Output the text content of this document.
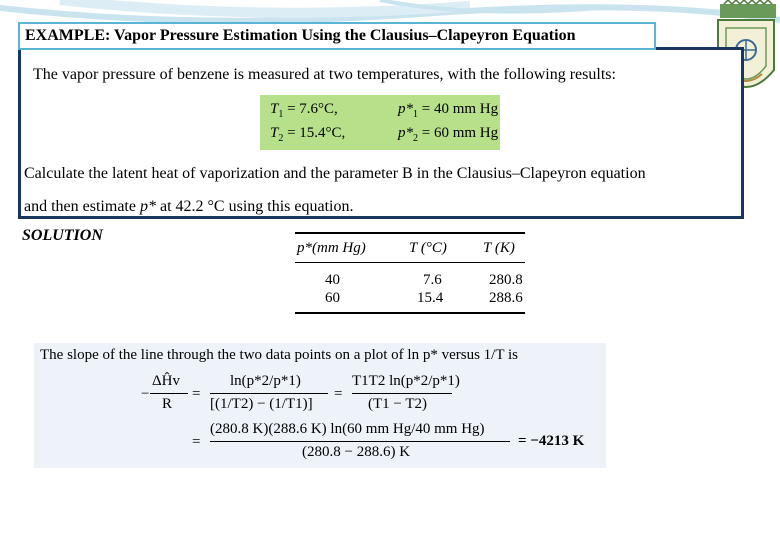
EXAMPLE: Vapor Pressure Estimation Using the Clausius–Clapeyron Equation
The vapor pressure of benzene is measured at two temperatures, with the following results:
$T_1 = 7.6^\circ C$,	$p*_1 = 40$ mm Hg
$T_2 = 15.4^\circ C$,	$p*_2 = 60$ mm Hg
Calculate the latent heat of vaporization and the parameter B in the Clausius–Clapeyron equation
and then estimate p* at 42.2 °C using this equation.
SOLUTION
p*(mm Hg)	T (°C) T (K)
40	7.6	280.8
60	15.4	288.6
The slope of the line through the two data points on a plot of ln p* versus 1/T is
−
ΔĤv
R
=
ln(p*2/p*1)
[(1/T2) − (1/T1)]
=
T1T2 ln(p*2/p*1)
(T1 − T2)
=
(280.8 K)(288.6 K) ln(60 mm Hg/40 mm Hg)
(280.8 − 288.6) K
= −4213 K
